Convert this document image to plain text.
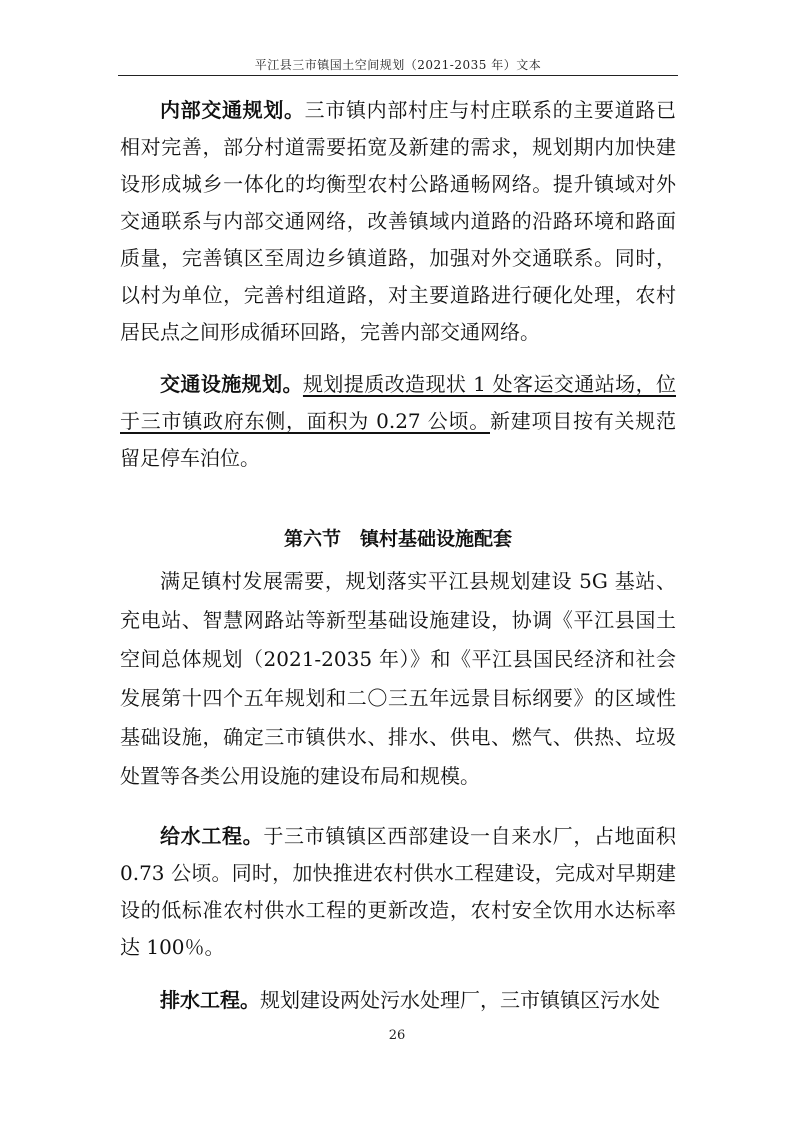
平江县三市镇国土空间规划（2021-2035 年）文本

内部交通规划。三市镇内部村庄与村庄联系的主要道路已相对完善，部分村道需要拓宽及新建的需求，规划期内加快建设形成城乡一体化的均衡型农村公路通畅网络。提升镇域对外交通联系与内部交通网络，改善镇域内道路的沿路环境和路面质量，完善镇区至周边乡镇道路，加强对外交通联系。同时，以村为单位，完善村组道路，对主要道路进行硬化处理，农村居民点之间形成循环回路，完善内部交通网络。

交通设施规划。规划提质改造现状 1 处客运交通站场，位于三市镇政府东侧，面积为 0.27 公顷。新建项目按有关规范留足停车泊位。

第六节　镇村基础设施配套

满足镇村发展需要，规划落实平江县规划建设 5G 基站、充电站、智慧网路站等新型基础设施建设，协调《平江县国土空间总体规划（2021-2035 年）》和《平江县国民经济和社会发展第十四个五年规划和二〇三五年远景目标纲要》的区域性基础设施，确定三市镇供水、排水、供电、燃气、供热、垃圾处置等各类公用设施的建设布局和规模。

给水工程。于三市镇镇区西部建设一自来水厂，占地面积 0.73 公顷。同时，加快推进农村供水工程建设，完成对早期建设的低标准农村供水工程的更新改造，农村安全饮用水达标率达 100％。

排水工程。规划建设两处污水处理厂，三市镇镇区污水处

26
